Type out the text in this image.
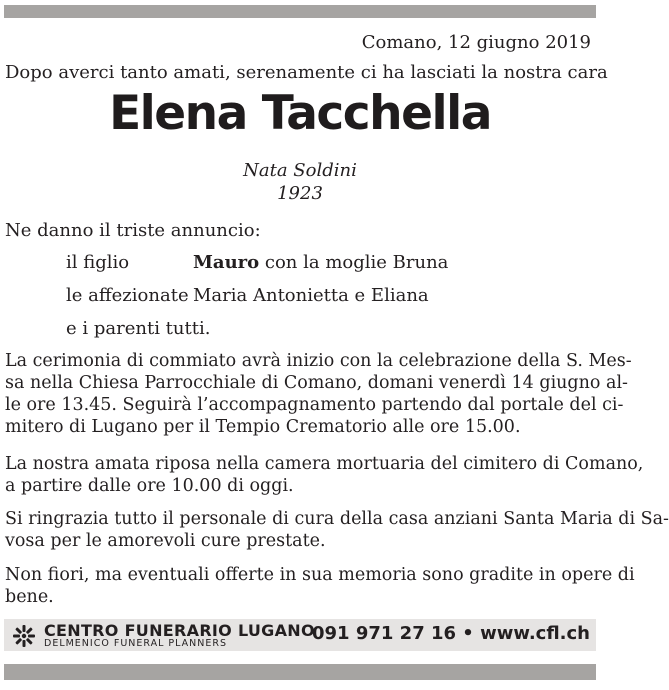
Comano, 12 giugno 2019
Dopo averci tanto amati, serenamente ci ha lasciati la nostra cara
Elena Tacchella
Nata Soldini
1923
Ne danno il triste annuncio:
il figlio	Mauro con la moglie Bruna
le affezionate Maria Antonietta e Eliana
e i parenti tutti.
La cerimonia di commiato avrà inizio con la celebrazione della S. Mes-
sa nella Chiesa Parrocchiale di Comano, domani venerdì 14 giugno al-
le ore 13.45. Seguirà l’accompagnamento partendo dal portale del ci-
mitero di Lugano per il Tempio Crematorio alle ore 15.00.
La nostra amata riposa nella camera mortuaria del cimitero di Comano,
a partire dalle ore 10.00 di oggi.
Si ringrazia tutto il personale di cura della casa anziani Santa Maria di Sa-
vosa per le amorevoli cure prestate.
Non fiori, ma eventuali offerte in sua memoria sono gradite in opere di
bene.
CENTRO FUNERARIO LUGANO
DELMENICO FUNERAL PLANNERS	091 971 27 16 • www.cfl.ch
